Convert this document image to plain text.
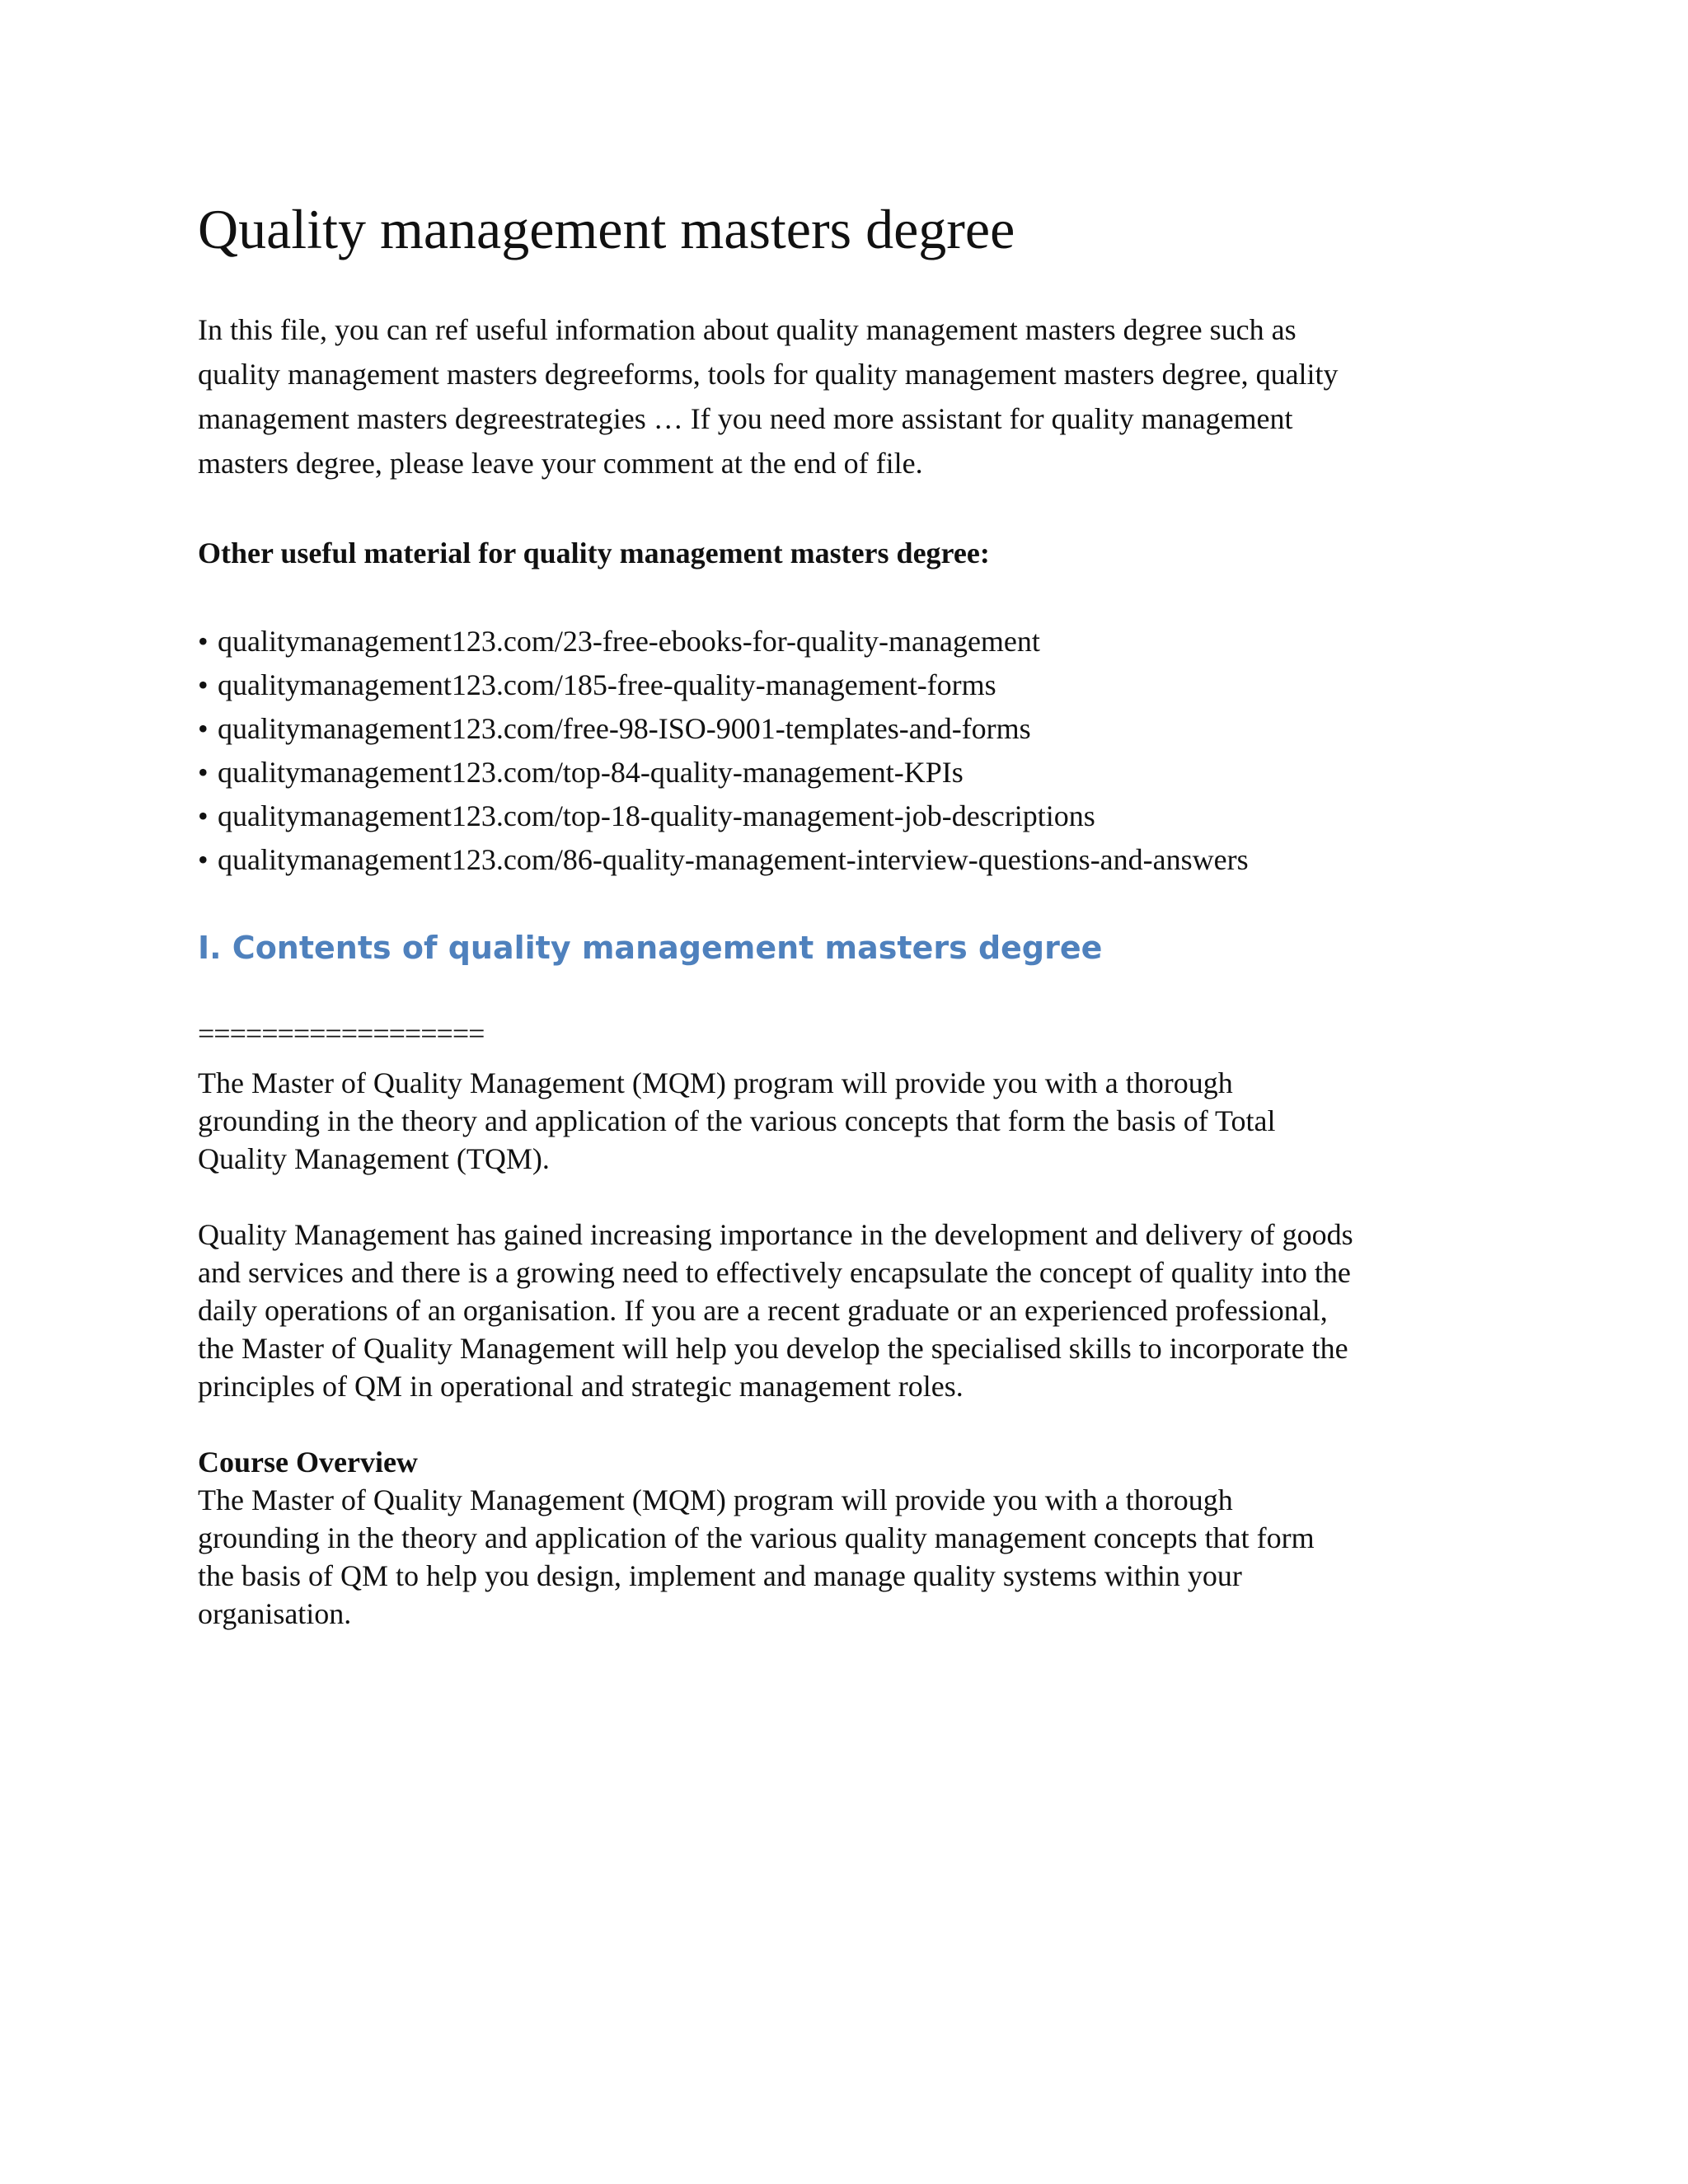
Quality management masters degree

In this file, you can ref useful information about quality management masters degree such as
quality management masters degreeforms, tools for quality management masters degree, quality
management masters degreestrategies … If you need more assistant for quality management
masters degree, please leave your comment at the end of file.

Other useful material for quality management masters degree:

• qualitymanagement123.com/23-free-ebooks-for-quality-management
• qualitymanagement123.com/185-free-quality-management-forms
• qualitymanagement123.com/free-98-ISO-9001-templates-and-forms
• qualitymanagement123.com/top-84-quality-management-KPIs
• qualitymanagement123.com/top-18-quality-management-job-descriptions
• qualitymanagement123.com/86-quality-management-interview-questions-and-answers
I. Contents of quality management masters degree

==================

The Master of Quality Management (MQM) program will provide you with a thorough
grounding in the theory and application of the various concepts that form the basis of Total
Quality Management (TQM).

Quality Management has gained increasing importance in the development and delivery of goods
and services and there is a growing need to effectively encapsulate the concept of quality into the
daily operations of an organisation. If you are a recent graduate or an experienced professional,
the Master of Quality Management will help you develop the specialised skills to incorporate the
principles of QM in operational and strategic management roles.

Course Overview

The Master of Quality Management (MQM) program will provide you with a thorough
grounding in the theory and application of the various quality management concepts that form
the basis of QM to help you design, implement and manage quality systems within your
organisation.
